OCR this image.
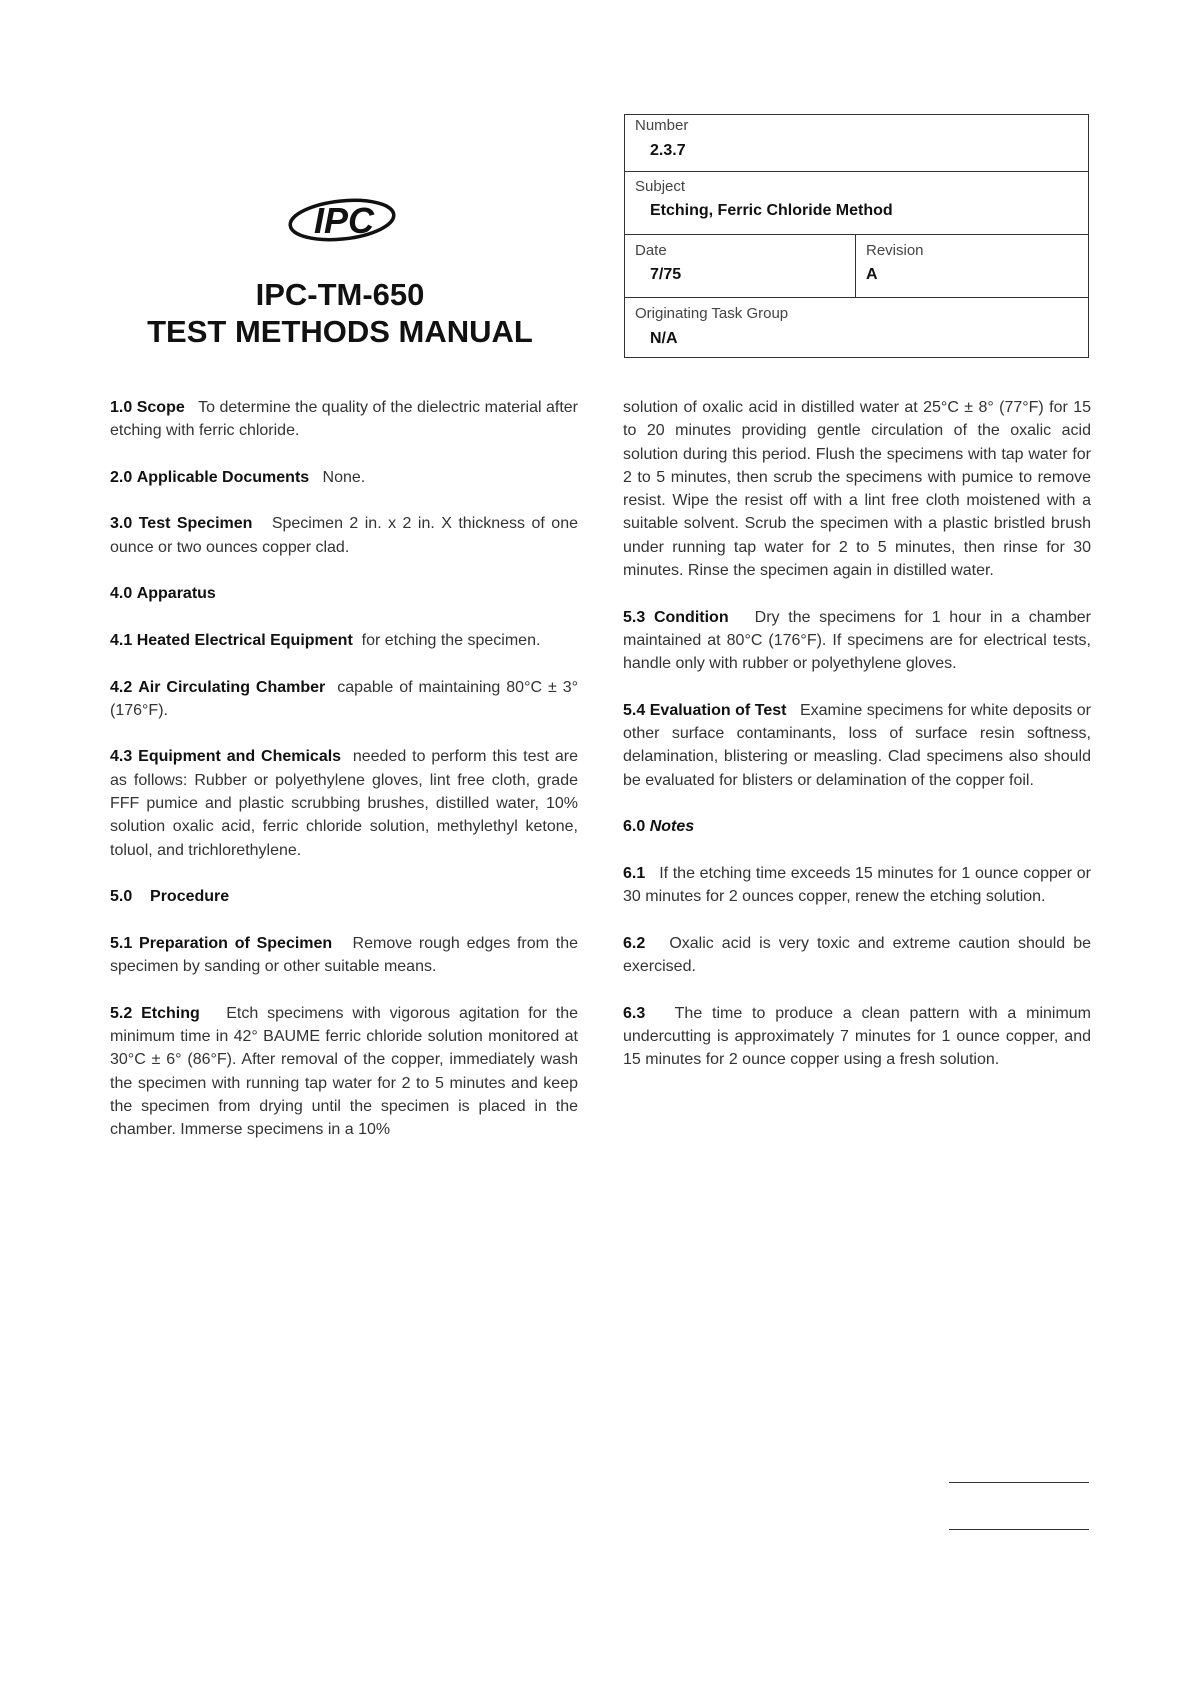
IPC
IPC-TM-650
TEST METHODS MANUAL
Number
2.3.7
Subject
Etching, Ferric Chloride Method
Date
7/75
Revision
A
Originating Task Group
N/A

1.0 Scope To determine the quality of the dielectric material after etching with ferric chloride.

2.0 Applicable Documents None.

3.0 Test Specimen Specimen 2 in. x 2 in. X thickness of one ounce or two ounces copper clad.

4.0 Apparatus

4.1 Heated Electrical Equipment for etching the specimen.

4.2 Air Circulating Chamber capable of maintaining 80°C ± 3° (176°F).

4.3 Equipment and Chemicals needed to perform this test are as follows: Rubber or polyethylene gloves, lint free cloth, grade FFF pumice and plastic scrubbing brushes, distilled water, 10% solution oxalic acid, ferric chloride solution, methylethyl ketone, toluol, and trichlorethylene.

5.0 Procedure

5.1 Preparation of Specimen Remove rough edges from the specimen by sanding or other suitable means.

5.2 Etching Etch specimens with vigorous agitation for the minimum time in 42° BAUME ferric chloride solution monitored at 30°C ± 6° (86°F). After removal of the copper, immediately wash the specimen with running tap water for 2 to 5 minutes and keep the specimen from drying until the specimen is placed in the chamber. Immerse specimens in a 10%

solution of oxalic acid in distilled water at 25°C ± 8° (77°F) for 15 to 20 minutes providing gentle circulation of the oxalic acid solution during this period. Flush the specimens with tap water for 2 to 5 minutes, then scrub the specimens with pumice to remove resist. Wipe the resist off with a lint free cloth moistened with a suitable solvent. Scrub the specimen with a plastic bristled brush under running tap water for 2 to 5 minutes, then rinse for 30 minutes. Rinse the specimen again in distilled water.

5.3 Condition Dry the specimens for 1 hour in a chamber maintained at 80°C (176°F). If specimens are for electrical tests, handle only with rubber or polyethylene gloves.

5.4 Evaluation of Test Examine specimens for white deposits or other surface contaminants, loss of surface resin softness, delamination, blistering or measling. Clad specimens also should be evaluated for blisters or delamination of the copper foil.

6.0 Notes

6.1 If the etching time exceeds 15 minutes for 1 ounce copper or 30 minutes for 2 ounces copper, renew the etching solution.

6.2 Oxalic acid is very toxic and extreme caution should be exercised.

6.3 The time to produce a clean pattern with a minimum undercutting is approximately 7 minutes for 1 ounce copper, and 15 minutes for 2 ounce copper using a fresh solution.
